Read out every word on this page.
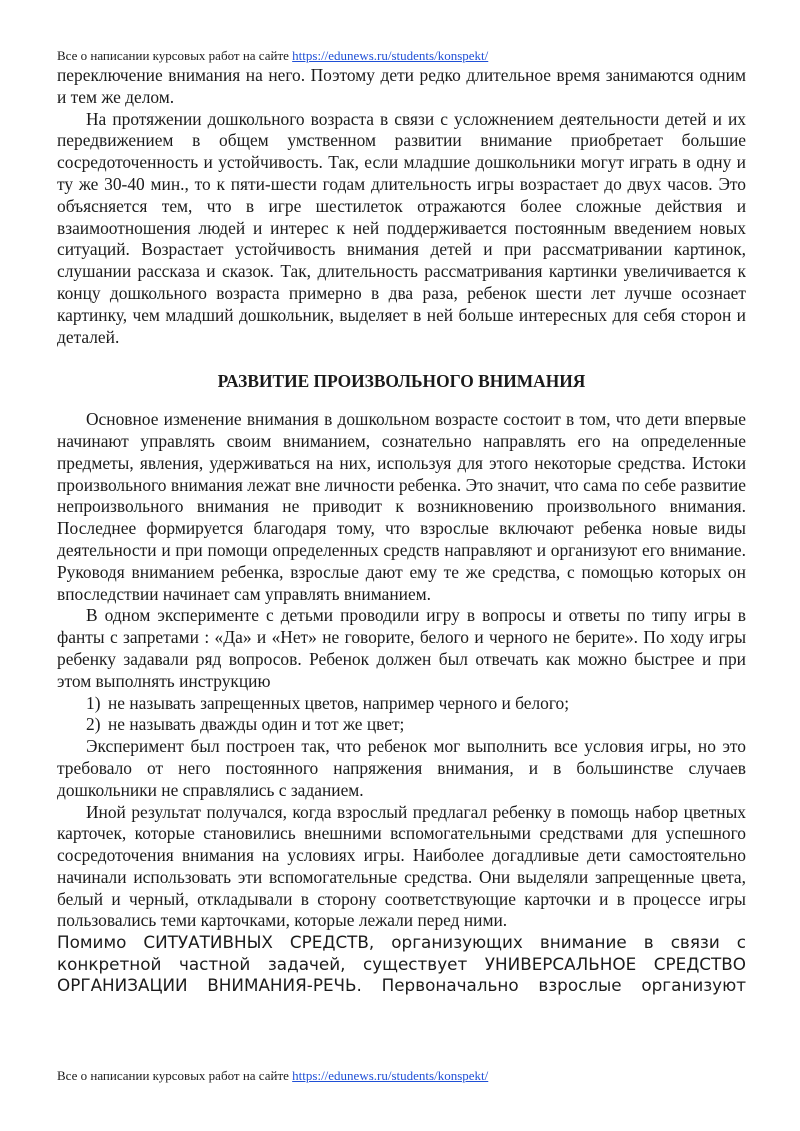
Все о написании курсовых работ на сайте https://edunews.ru/students/konspekt/

переключение внимания на него. Поэтому дети редко длительное время занимаются одним и тем же делом.

На протяжении дошкольного возраста в связи с усложнением деятельности детей и их передвижением в общем умственном развитии внимание приобретает большие сосредоточенность и устойчивость. Так, если младшие дошкольники могут играть в одну и ту же 30-40 мин., то к пяти-шести годам длительность игры возрастает до двух часов. Это объясняется тем, что в игре шестилеток отражаются более сложные действия и взаимоотношения людей и интерес к ней поддерживается постоянным введением новых ситуаций. Возрастает устойчивость внимания детей и при рассматривании картинок, слушании рассказа и сказок. Так, длительность рассматривания картинки увеличивается к концу дошкольного возраста примерно в два раза, ребенок шести лет лучше осознает картинку, чем младший дошкольник, выделяет в ней больше интересных для себя сторон и деталей.

РАЗВИТИЕ ПРОИЗВОЛЬНОГО ВНИМАНИЯ

Основное изменение внимания в дошкольном возрасте состоит в том, что дети впервые начинают управлять своим вниманием, сознательно направлять его на определенные предметы, явления, удерживаться на них, используя для этого некоторые средства. Истоки произвольного внимания лежат вне личности ребенка. Это значит, что сама по себе развитие непроизвольного внимания не приводит к возникновению произвольного внимания. Последнее формируется благодаря тому, что взрослые включают ребенка новые виды деятельности и при помощи определенных средств направляют и организуют его внимание. Руководя вниманием ребенка, взрослые дают ему те же средства, с помощью которых он впоследствии начинает сам управлять вниманием.

В одном эксперименте с детьми проводили игру в вопросы и ответы по типу игры в фанты с запретами : «Да» и «Нет» не говорите, белого и черного не берите». По ходу игры ребенку задавали ряд вопросов. Ребенок должен был отвечать как можно быстрее и при этом выполнять инструкцию

1) не называть запрещенных цветов, например черного и белого;
2) не называть дважды один и тот же цвет;

Эксперимент был построен так, что ребенок мог выполнить все условия игры, но это требовало от него постоянного напряжения внимания, и в большинстве случаев дошкольники не справлялись с заданием.

Иной результат получался, когда взрослый предлагал ребенку в помощь набор цветных карточек, которые становились внешними вспомогательными средствами для успешного сосредоточения внимания на условиях игры. Наиболее догадливые дети самостоятельно начинали использовать эти вспомогательные средства. Они выделяли запрещенные цвета, белый и черный, откладывали в сторону соответствующие карточки и в процессе игры пользовались теми карточками, которые лежали перед ними.

Помимо СИТУАТИВНЫХ СРЕДСТВ, организующих внимание в связи с конкретной частной задачей, существует УНИВЕРСАЛЬНОЕ СРЕДСТВО ОРГАНИЗАЦИИ ВНИМАНИЯ-РЕЧЬ. Первоначально взрослые организуют

Все о написании курсовых работ на сайте https://edunews.ru/students/konspekt/
